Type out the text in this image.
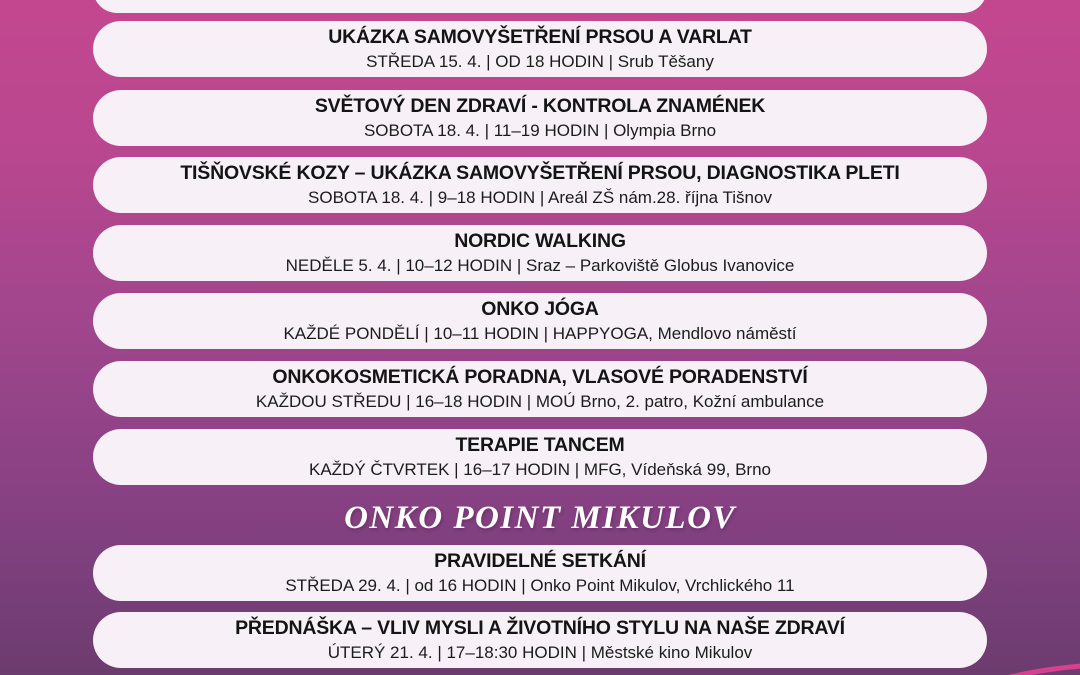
UKÁZKA SAMOVYŠETŘENÍ PRSOU A VARLAT
STŘEDA 15. 4. | OD 18 HODIN | Srub Těšany
SVĚTOVÝ DEN ZDRAVÍ - KONTROLA ZNAMÉNEK
SOBOTA 18. 4. | 11–19 HODIN | Olympia Brno
TIŠŇOVSKÉ KOZY – UKÁZKA SAMOVYŠETŘENÍ PRSOU, DIAGNOSTIKA PLETI
SOBOTA 18. 4. | 9–18 HODIN | Areál ZŠ nám.28. října Tišnov
NORDIC WALKING
NEDĚLE 5. 4. | 10–12 HODIN | Sraz – Parkoviště Globus Ivanovice
ONKO JÓGA
KAŽDÉ PONDĚLÍ | 10–11 HODIN | HAPPYOGA, Mendlovo náměstí
ONKOKOSMETICKÁ PORADNA, VLASOVÉ PORADENSTVÍ
KAŽDOU STŘEDU | 16–18 HODIN | MOÚ Brno, 2. patro, Kožní ambulance
TERAPIE TANCEM
KAŽDÝ ČTVRTEK | 16–17 HODIN | MFG, Vídeňská 99, Brno
ONKO POINT MIKULOV
PRAVIDELNÉ SETKÁNÍ
STŘEDA 29. 4. | od 16 HODIN | Onko Point Mikulov, Vrchlického 11
PŘEDNÁŠKA – VLIV MYSLI A ŽIVOTNÍHO STYLU NA NAŠE ZDRAVÍ
ÚTERÝ 21. 4. | 17–18:30 HODIN | Městské kino Mikulov
